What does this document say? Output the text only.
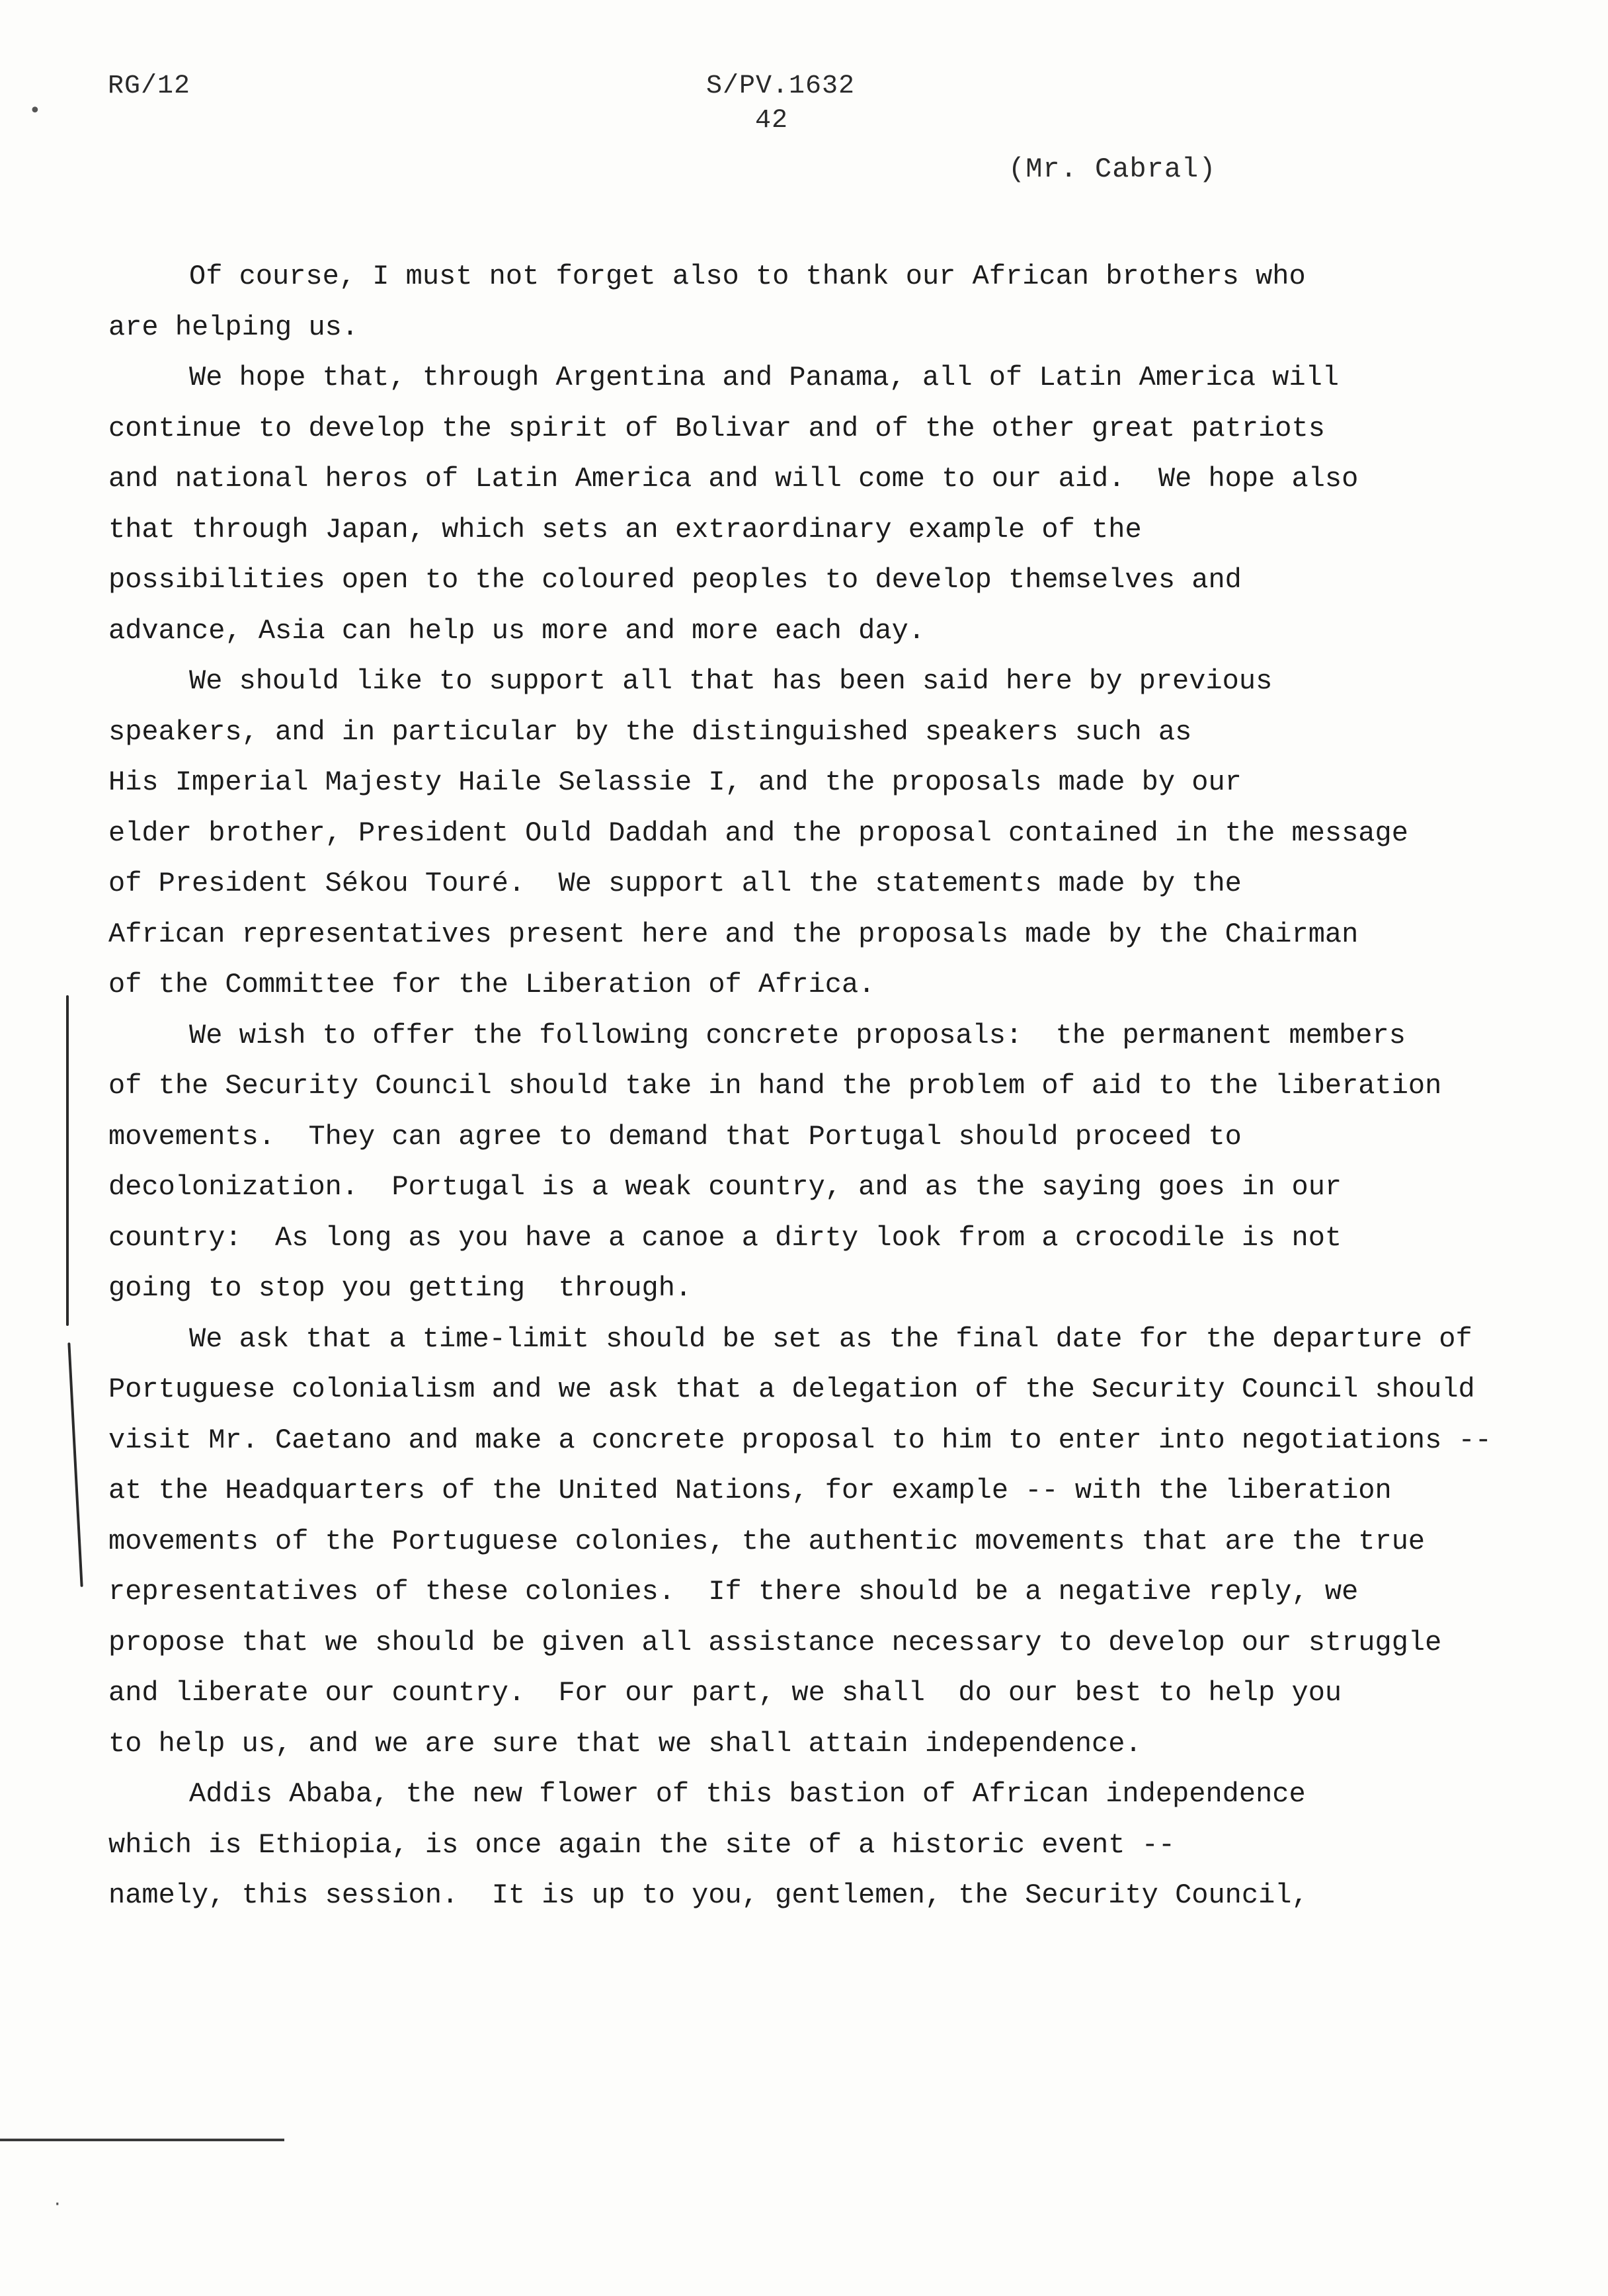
RG/12	S/PV.1632
42
(Mr. Cabral)
•
·

Of course, I must not forget also to thank our African brothers who
are helping us.

We hope that, through Argentina and Panama, all of Latin America will
continue to develop the spirit of Bolivar and of the other great patriots
and national heros of Latin America and will come to our aid.  We hope also
that through Japan, which sets an extraordinary example of the
possibilities open to the coloured peoples to develop themselves and
advance, Asia can help us more and more each day.

We should like to support all that has been said here by previous
speakers, and in particular by the distinguished speakers such as
His Imperial Majesty Haile Selassie I, and the proposals made by our
elder brother, President Ould Daddah and the proposal contained in the message
of President Sékou Touré.  We support all the statements made by the
African representatives present here and the proposals made by the Chairman
of the Committee for the Liberation of Africa.

We wish to offer the following concrete proposals:  the permanent members
of the Security Council should take in hand the problem of aid to the liberation
movements.  They can agree to demand that Portugal should proceed to
decolonization.  Portugal is a weak country, and as the saying goes in our
country:  As long as you have a canoe a dirty look from a crocodile is not
going to stop you getting  through.

We ask that a time-limit should be set as the final date for the departure of
Portuguese colonialism and we ask that a delegation of the Security Council should
visit Mr. Caetano and make a concrete proposal to him to enter into negotiations --
at the Headquarters of the United Nations, for example -- with the liberation
movements of the Portuguese colonies, the authentic movements that are the true
representatives of these colonies.  If there should be a negative reply, we
propose that we should be given all assistance necessary to develop our struggle
and liberate our country.  For our part, we shall  do our best to help you
to help us, and we are sure that we shall attain independence.

Addis Ababa, the new flower of this bastion of African independence
which is Ethiopia, is once again the site of a historic event --
namely, this session.  It is up to you, gentlemen, the Security Council,
